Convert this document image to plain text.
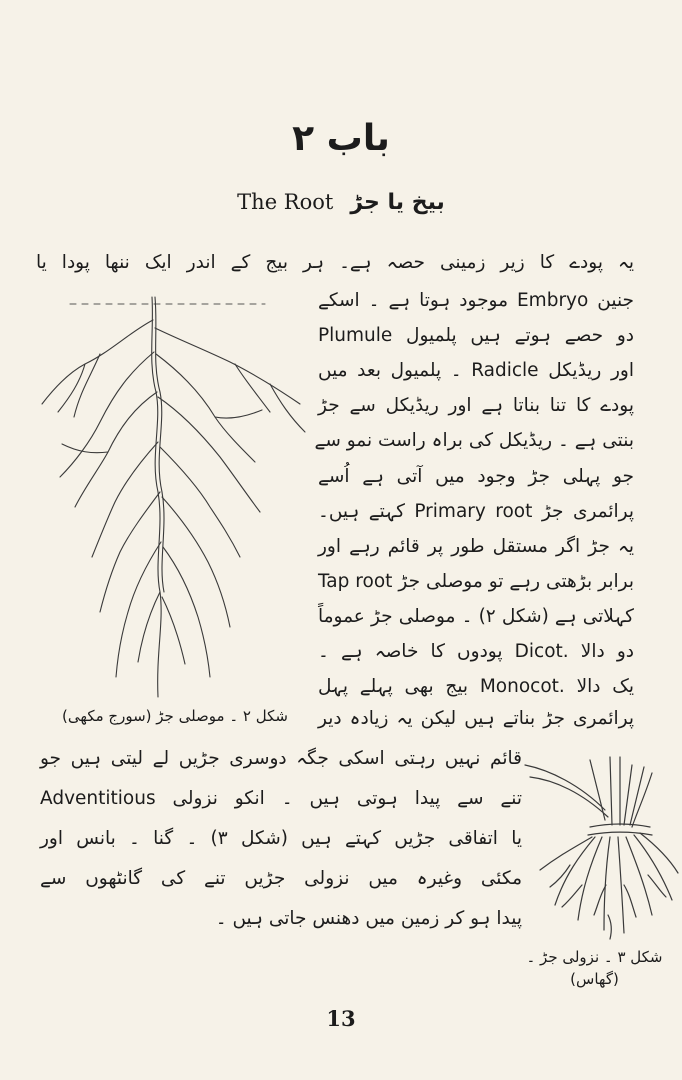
باب ۲
The Root بیخ یا جڑ
یہ پودے کا زیر زمینی حصہ ہے۔ ہر بیج کے اندر ایک ننھا پودا یا
جنین Embryo موجود ہوتا ہے ۔ اسکے
دو حصے ہوتے ہیں پلمیول Plumule
اور ریڈیکل Radicle ۔ پلمیول بعد میں
پودے کا تنا بناتا ہے اور ریڈیکل سے جڑ
بنتی ہے ۔ ریڈیکل کی براہ راست نمو سے
جو پہلی جڑ وجود میں آتی ہے اُسے
پرائمری جڑ Primary root کہتے ہیں۔
یہ جڑ اگر مستقل طور پر قائم رہے اور
برابر بڑھتی رہے تو موصلی جڑ Tap root
کہلاتی ہے (شکل ۲) ۔ موصلی جڑ عموماً
دو دالا .Dicot پودوں کا خاصہ ہے ۔
یک دالا .Monocot بیج بھی پہلے پہل
پرائمری جڑ بناتے ہیں لیکن یہ زیادہ دیر
شکل ۲ ۔ موصلی جڑ (سورج مکھی)
قائم نہیں رہتی اسکی جگہ دوسری جڑیں لے لیتی ہیں جو
تنے سے پیدا ہوتی ہیں ۔ انکو نزولی Adventitious
یا اتفاقی جڑیں کہتے ہیں (شکل ۳) ۔ گنا ۔ بانس اور
مکئی وغیرہ میں نزولی جڑیں تنے کی گانٹھوں سے
پیدا ہو کر زمین میں دھنس جاتی ہیں ۔
شکل ۳ ۔ نزولی جڑ ۔
(گھاس)
13
